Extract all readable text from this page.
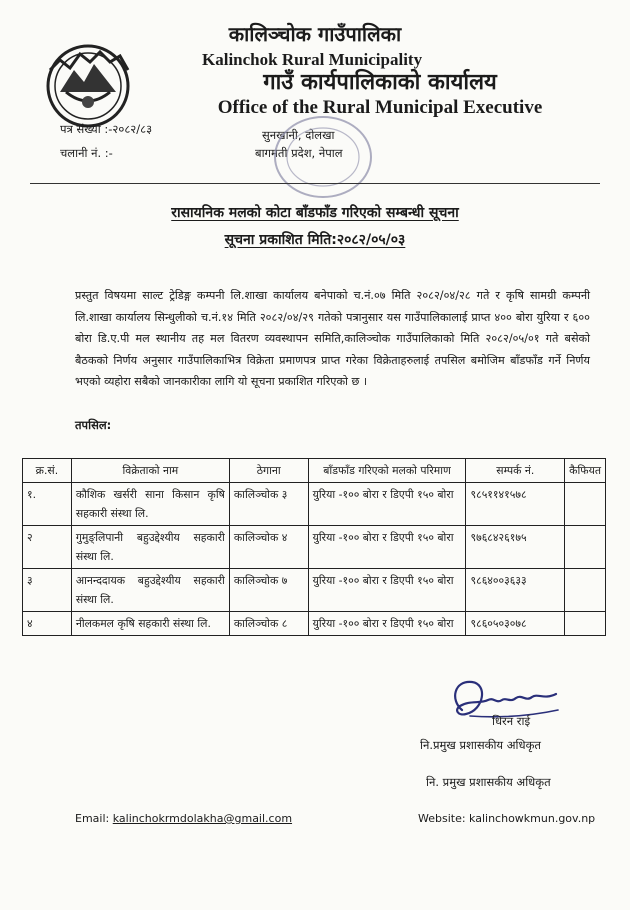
कालिञ्चोक गाउँपालिका
Kalinchok Rural Municipality
गाउँ कार्यपालिकाको कार्यालय
Office of the Rural Municipal Executive
पत्र संख्या :-२०८२/८३
चलानी नं. :-
सुनखानी, दोलखा
बागमती प्रदेश, नेपाल
रासायनिक मलको कोटा बाँडफाँड गरिएको सम्बन्धी सूचना
सूचना प्रकाशित मिति:२०८२/०५/०३
प्रस्तुत विषयमा साल्ट ट्रेडिङ्ग कम्पनी लि.शाखा कार्यालय बनेपाको च.नं.०७ मिति २०८२/०४/२८ गते र कृषि सामग्री कम्पनी लि.शाखा कार्यालय सिन्धुलीको च.नं.१४ मिति २०८२/०४/२९ गतेको पत्रानुसार यस गाउँपालिकालाई प्राप्त ४०० बोरा युरिया र ६०० बोरा डि.ए.पी मल स्थानीय तह मल वितरण व्यवस्थापन समिति,कालिञ्चोक गाउँपालिकाको मिति २०८२/०५/०१ गते बसेको बैठकको निर्णय अनुसार गाउँपालिकाभित्र विक्रेता प्रमाणपत्र प्राप्त गरेका विक्रेताहरुलाई तपसिल बमोजिम बाँडफाँड गर्ने निर्णय भएको व्यहोरा सबैको जानकारीका लागि यो सूचना प्रकाशित गरिएको छ ।
तपसिल:
क्र.सं.	विक्रेताको नाम	ठेगाना	बाँडफाँड गरिएको मलको परिमाण	सम्पर्क नं.	कैफियत
१.	कौशिक खर्सरी साना किसान कृषि सहकारी संस्था लि.	कालिञ्चोक ३	युरिया -१०० बोरा र डिएपी १५० बोरा	९८५११४१५७८	
२	गुमुङ्लिपानी बहुउद्देश्यीय सहकारी संस्था लि.	कालिञ्चोक ४	युरिया -१०० बोरा र डिएपी १५० बोरा	९७६८४२६१७५	
३	आनन्ददायक बहुउद्देश्यीय सहकारी संस्था लि.	कालिञ्चोक ७	युरिया -१०० बोरा र डिएपी १५० बोरा	९८६४००३६३३	
४	नीलकमल कृषि सहकारी संस्था लि.	कालिञ्चोक ८	युरिया -१०० बोरा र डिएपी १५० बोरा	९८६०५०३०७८	
धिरन राई
नि.प्रमुख प्रशासकीय अधिकृत
नि. प्रमुख प्रशासकीय अधिकृत
Email: kalinchokrmdolakha@gmail.com	Website: kalinchowkmun.gov.np
